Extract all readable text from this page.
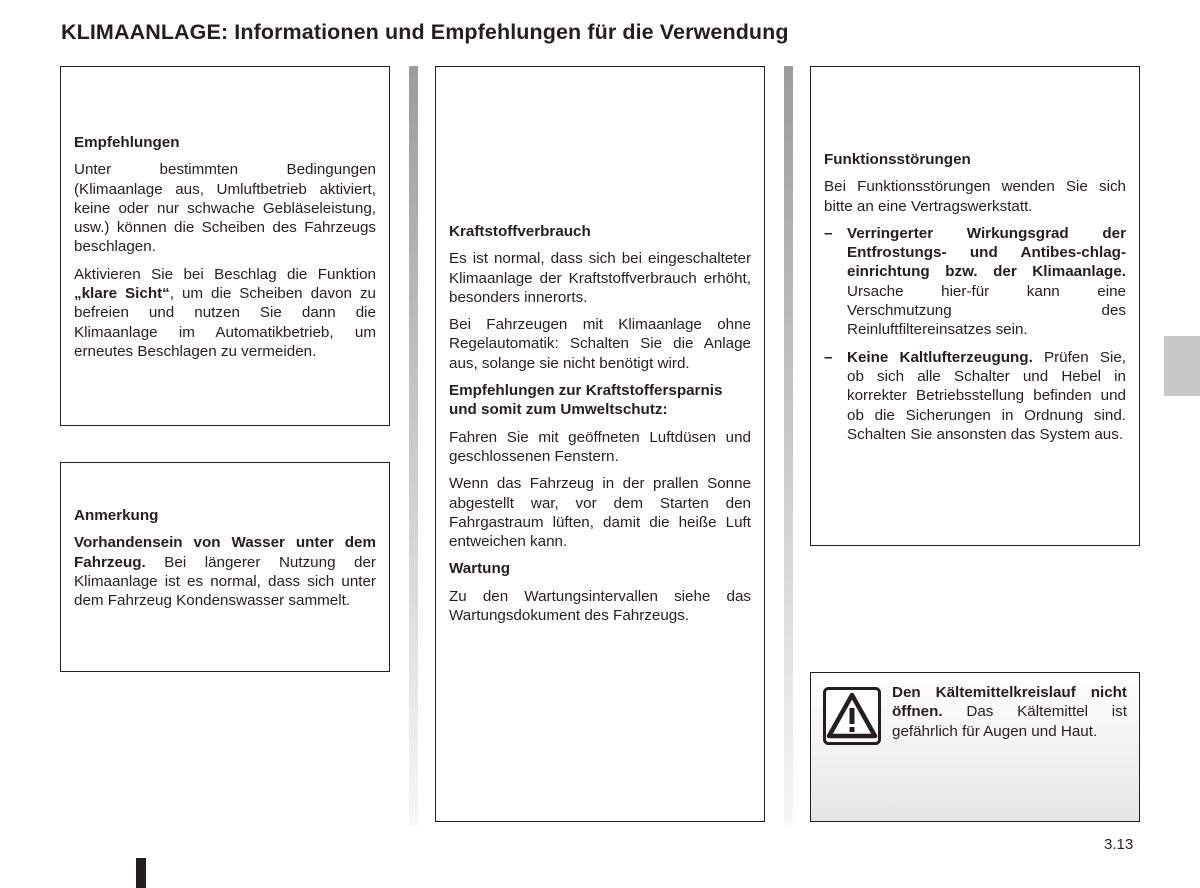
KLIMAANLAGE: Informationen und Empfehlungen für die Verwendung

Empfehlungen

Unter bestimmten Bedingungen (Klimaanlage aus, Umluftbetrieb aktiviert, keine oder nur schwache Gebläseleistung, usw.) können die Scheiben des Fahrzeugs beschlagen.

Aktivieren Sie bei Beschlag die Funktion „klare Sicht“, um die Scheiben davon zu befreien und nutzen Sie dann die Klimaanlage im Automatikbetrieb, um erneutes Beschlagen zu vermeiden.

Anmerkung

Vorhandensein von Wasser unter dem Fahrzeug. Bei längerer Nutzung der Klimaanlage ist es normal, dass sich unter dem Fahrzeug Kondenswasser sammelt.

Kraftstoffverbrauch

Es ist normal, dass sich bei eingeschalteter Klimaanlage der Kraftstoffverbrauch erhöht, besonders innerorts.

Bei Fahrzeugen mit Klimaanlage ohne Regelautomatik: Schalten Sie die Anlage aus, solange sie nicht benötigt wird.

Empfehlungen zur Kraftstoffersparnis und somit zum Umweltschutz:

Fahren Sie mit geöffneten Luftdüsen und geschlossenen Fenstern.

Wenn das Fahrzeug in der prallen Sonne abgestellt war, vor dem Starten den Fahrgastraum lüften, damit die heiße Luft entweichen kann.

Wartung

Zu den Wartungsintervallen siehe das Wartungsdokument des Fahrzeugs.

Funktionsstörungen

Bei Funktionsstörungen wenden Sie sich bitte an eine Vertragswerkstatt.

– Verringerter Wirkungsgrad der Entfrostungs- und Antibes-chlag-einrichtung bzw. der Klimaanlage. Ursache hier-für kann eine Verschmutzung des Reinluftfiltereinsatzes sein.
– Keine Kaltlufterzeugung. Prüfen Sie, ob sich alle Schalter und Hebel in korrekter Betriebsstellung befinden und ob die Sicherungen in Ordnung sind. Schalten Sie ansonsten das System aus.
Den Kältemittelkreislauf nicht öffnen. Das Kältemittel ist gefährlich für Augen und Haut.
3.13
